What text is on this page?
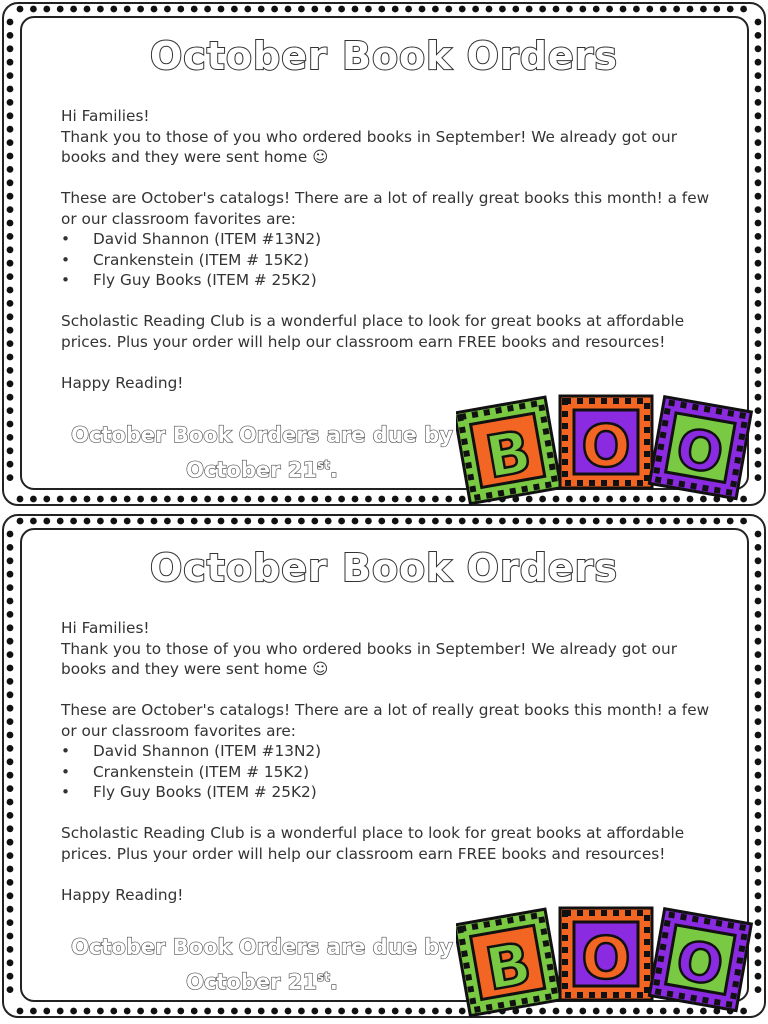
October Book Orders

Hi Families!

Thank you to those of you who ordered books in September! We already got our

books and they were sent home ☺

These are October's catalogs! There are a lot of really great books this month! a few

or our classroom favorites are:

• David Shannon (ITEM #13N2)
• Crankenstein (ITEM # 15K2)
• Fly Guy Books (ITEM # 25K2)

Scholastic Reading Club is a wonderful place to look for great books at affordable

prices. Plus your order will help our classroom earn FREE books and resources!

Happy Reading!

October Book Orders are due by
October 21st.	B O O
October Book Orders

Hi Families!

Thank you to those of you who ordered books in September! We already got our

books and they were sent home ☺

These are October's catalogs! There are a lot of really great books this month! a few

or our classroom favorites are:

• David Shannon (ITEM #13N2)
• Crankenstein (ITEM # 15K2)
• Fly Guy Books (ITEM # 25K2)

Scholastic Reading Club is a wonderful place to look for great books at affordable

prices. Plus your order will help our classroom earn FREE books and resources!

Happy Reading!

October Book Orders are due by
October 21st.	B O O
